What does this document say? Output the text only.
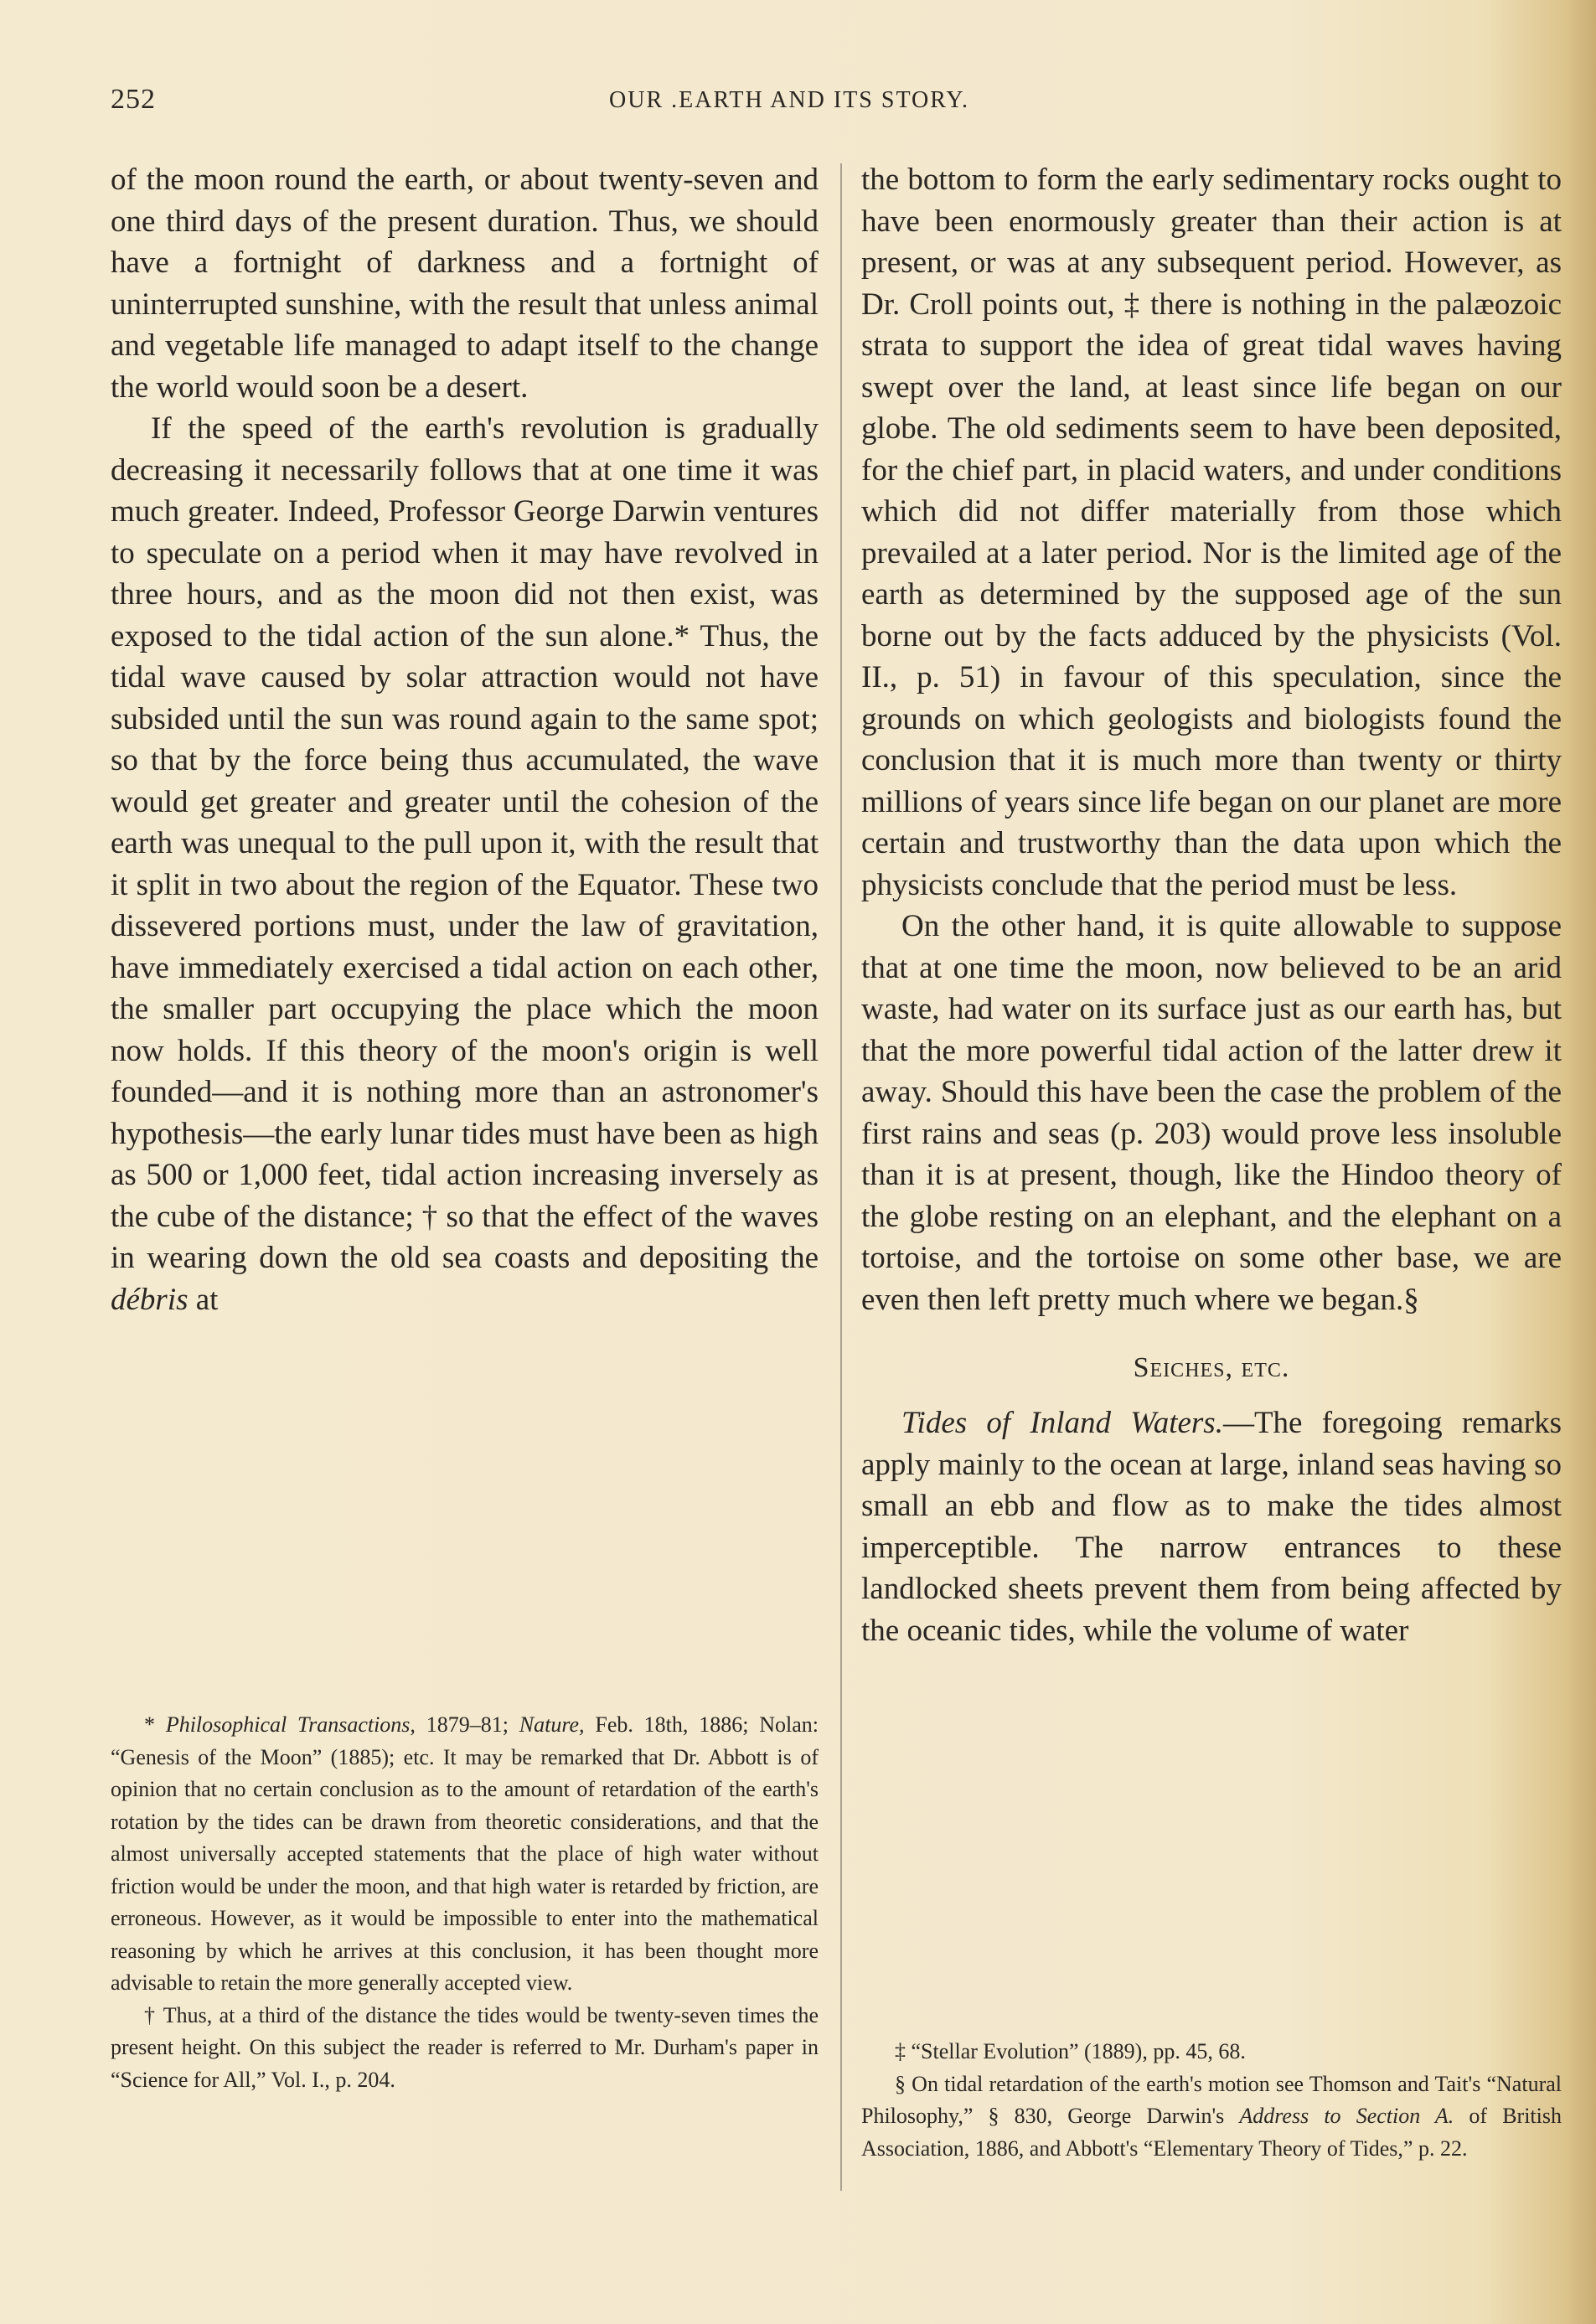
252	OUR .EARTH AND ITS STORY.

of the moon round the earth, or about twenty-seven and one third days of the present duration. Thus, we should have a fortnight of darkness and a fortnight of uninterrupted sunshine, with the result that unless animal and vegetable life managed to adapt itself to the change the world would soon be a desert.

If the speed of the earth's revolution is gradually decreasing it necessarily follows that at one time it was much greater. Indeed, Professor George Darwin ventures to speculate on a period when it may have revolved in three hours, and as the moon did not then exist, was exposed to the tidal action of the sun alone.* Thus, the tidal wave caused by solar attraction would not have subsided until the sun was round again to the same spot; so that by the force being thus accumulated, the wave would get greater and greater until the cohesion of the earth was unequal to the pull upon it, with the result that it split in two about the region of the Equator. These two dissevered portions must, under the law of gravitation, have immediately exercised a tidal action on each other, the smaller part occupying the place which the moon now holds. If this theory of the moon's origin is well founded—and it is nothing more than an astronomer's hypothesis—the early lunar tides must have been as high as 500 or 1,000 feet, tidal action increasing inversely as the cube of the distance; † so that the effect of the waves in wearing down the old sea coasts and depositing the débris at

* Philosophical Transactions, 1879–81; Nature, Feb. 18th, 1886; Nolan: “Genesis of the Moon” (1885); etc. It may be remarked that Dr. Abbott is of opinion that no certain conclusion as to the amount of retardation of the earth's rotation by the tides can be drawn from theoretic considerations, and that the almost universally accepted statements that the place of high water without friction would be under the moon, and that high water is retarded by friction, are erroneous. However, as it would be impossible to enter into the mathematical reasoning by which he arrives at this conclusion, it has been thought more advisable to retain the more generally accepted view.

† Thus, at a third of the distance the tides would be twenty-seven times the present height. On this subject the reader is referred to Mr. Durham's paper in “Science for All,” Vol. I., p. 204.

the bottom to form the early sedimentary rocks ought to have been enormously greater than their action is at present, or was at any subsequent period. However, as Dr. Croll points out, ‡ there is nothing in the palæozoic strata to support the idea of great tidal waves having swept over the land, at least since life began on our globe. The old sediments seem to have been deposited, for the chief part, in placid waters, and under conditions which did not differ materially from those which prevailed at a later period. Nor is the limited age of the earth as determined by the supposed age of the sun borne out by the facts adduced by the physicists (Vol. II., p. 51) in favour of this speculation, since the grounds on which geologists and biologists found the conclusion that it is much more than twenty or thirty millions of years since life began on our planet are more certain and trustworthy than the data upon which the physicists conclude that the period must be less.

On the other hand, it is quite allowable to suppose that at one time the moon, now believed to be an arid waste, had water on its surface just as our earth has, but that the more powerful tidal action of the latter drew it away. Should this have been the case the problem of the first rains and seas (p. 203) would prove less insoluble than it is at present, though, like the Hindoo theory of the globe resting on an elephant, and the elephant on a tortoise, and the tortoise on some other base, we are even then left pretty much where we began.§

Seiches, etc.

Tides of Inland Waters.—The foregoing remarks apply mainly to the ocean at large, inland seas having so small an ebb and flow as to make the tides almost imperceptible. The narrow entrances to these landlocked sheets prevent them from being affected by the oceanic tides, while the volume of water

‡ “Stellar Evolution” (1889), pp. 45, 68.

§ On tidal retardation of the earth's motion see Thomson and Tait's “Natural Philosophy,” § 830, George Darwin's Address to Section A. of British Association, 1886, and Abbott's “Elementary Theory of Tides,” p. 22.
